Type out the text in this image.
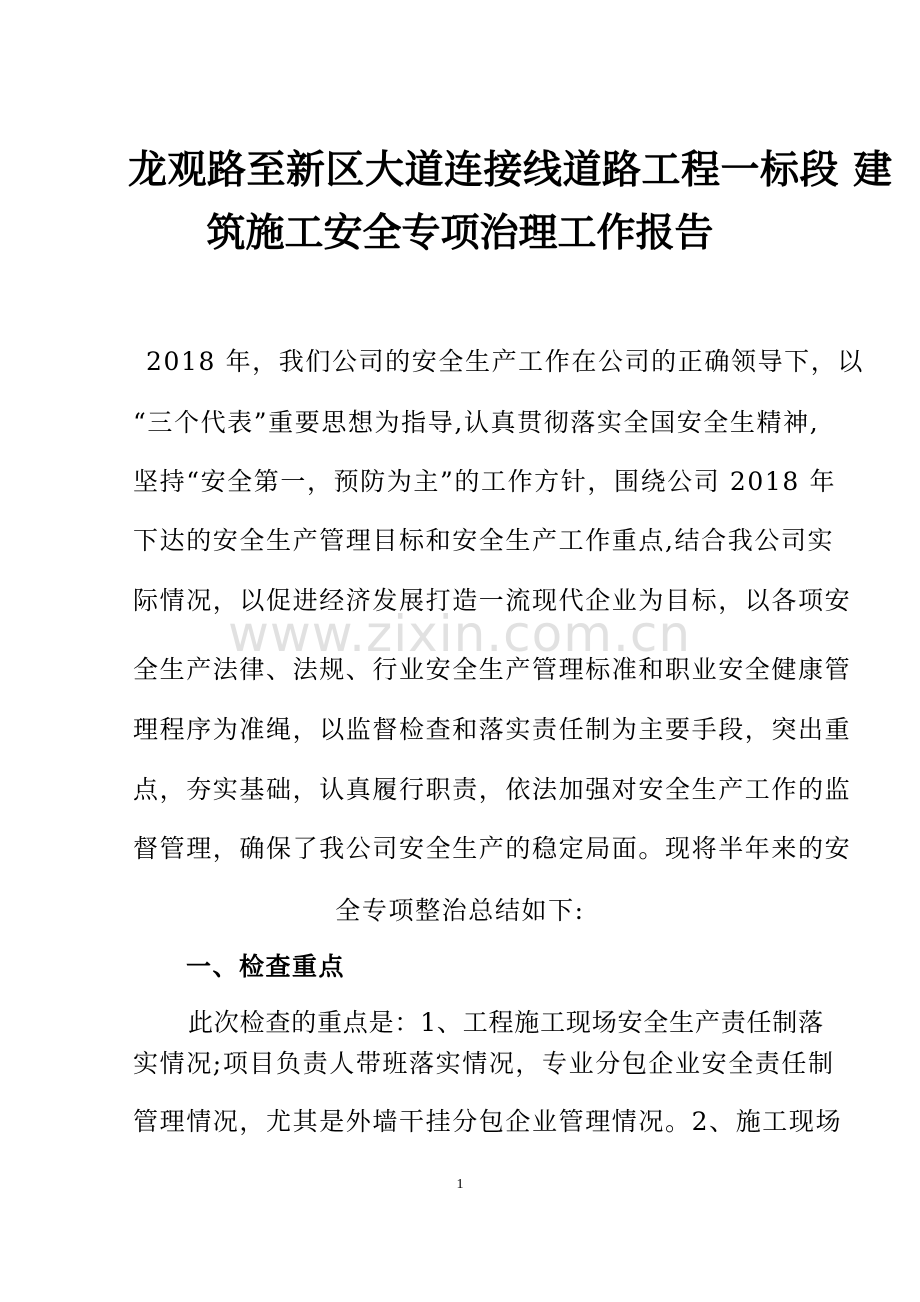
www.zixin.com.cn
龙观路至新区大道连接线道路工程一标段 建
筑施工安全专项治理工作报告
2018 年，我们公司的安全生产工作在公司的正确领导下，以
“三个代表”重要思想为指导,认真贯彻落实全国安全生精神,
坚持“安全第一，预防为主”的工作方针，围绕公司 2018 年
下达的安全生产管理目标和安全生产工作重点,结合我公司实
际情况，以促进经济发展打造一流现代企业为目标，以各项安
全生产法律、法规、行业安全生产管理标准和职业安全健康管
理程序为准绳，以监督检查和落实责任制为主要手段，突出重
点，夯实基础，认真履行职责，依法加强对安全生产工作的监
督管理，确保了我公司安全生产的稳定局面。现将半年来的安
全专项整治总结如下:
一、检查重点
此次检查的重点是：1、工程施工现场安全生产责任制落
实情况;项目负责人带班落实情况，专业分包企业安全责任制
管理情况，尤其是外墙干挂分包企业管理情况。2、施工现场
1
